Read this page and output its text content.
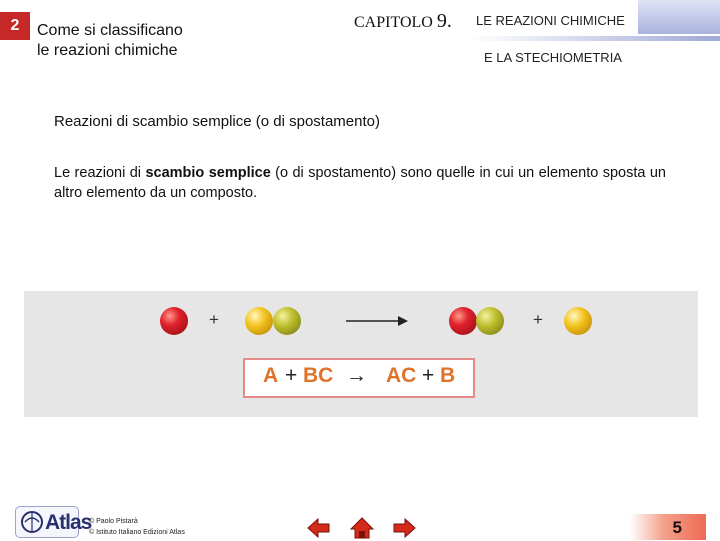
2	Come si classificano
le reazioni chimiche
CAPITOLO 9. LE REAZIONI CHIMICHE
E LA STECHIOMETRIA
Reazioni di scambio semplice (o di spostamento)
Le reazioni di scambio semplice (o di spostamento) sono quelle in cui un elemento sposta un altro elemento da un composto.
+	+
A + BC → AC + B
Atlas
© Paolo Pistarà
© Istituto Italiano Edizioni Atlas	5
